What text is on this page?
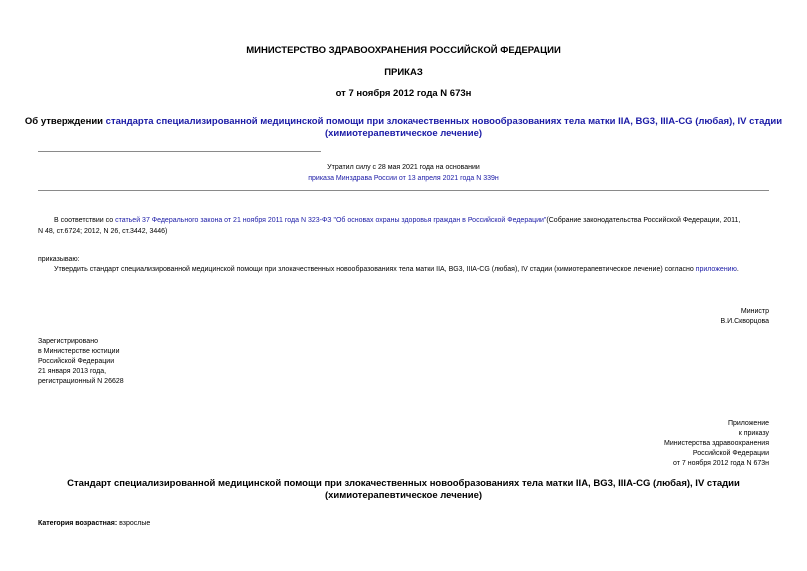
МИНИСТЕРСТВО ЗДРАВООХРАНЕНИЯ РОССИЙСКОЙ ФЕДЕРАЦИИ
ПРИКАЗ
от 7 ноября 2012 года N 673н
Об утверждении стандарта специализированной медицинской помощи при злокачественных новообразованиях тела матки IIA, BG3, IIIA-CG (любая), IV стадии
(химиотерапевтическое лечение)
Утратил силу с 28 мая 2021 года на основании
приказа Минздрава России от 13 апреля 2021 года N 339н
В соответствии со статьей 37 Федерального закона от 21 ноября 2011 года N 323-ФЗ "Об основах охраны здоровья граждан в Российской Федерации"(Собрание законодательства Российской Федерации, 2011,
N 48, ст.6724; 2012, N 26, ст.3442, 3446)
приказываю:
Утвердить стандарт специализированной медицинской помощи при злокачественных новообразованиях тела матки IIA, BG3, IIIA-CG (любая), IV стадии (химиотерапевтическое лечение) согласно приложению.
Министр
В.И.Скворцова
Зарегистрировано
в Министерстве юстиции
Российской Федерации
21 января 2013 года,
регистрационный N 26628
Приложение
к приказу
Министерства здравоохранения
Российской Федерации
от 7 ноября 2012 года N 673н
Стандарт специализированной медицинской помощи при злокачественных новообразованиях тела матки IIA, BG3, IIIA-CG (любая), IV стадии
(химиотерапевтическое лечение)
Категория возрастная: взрослые
